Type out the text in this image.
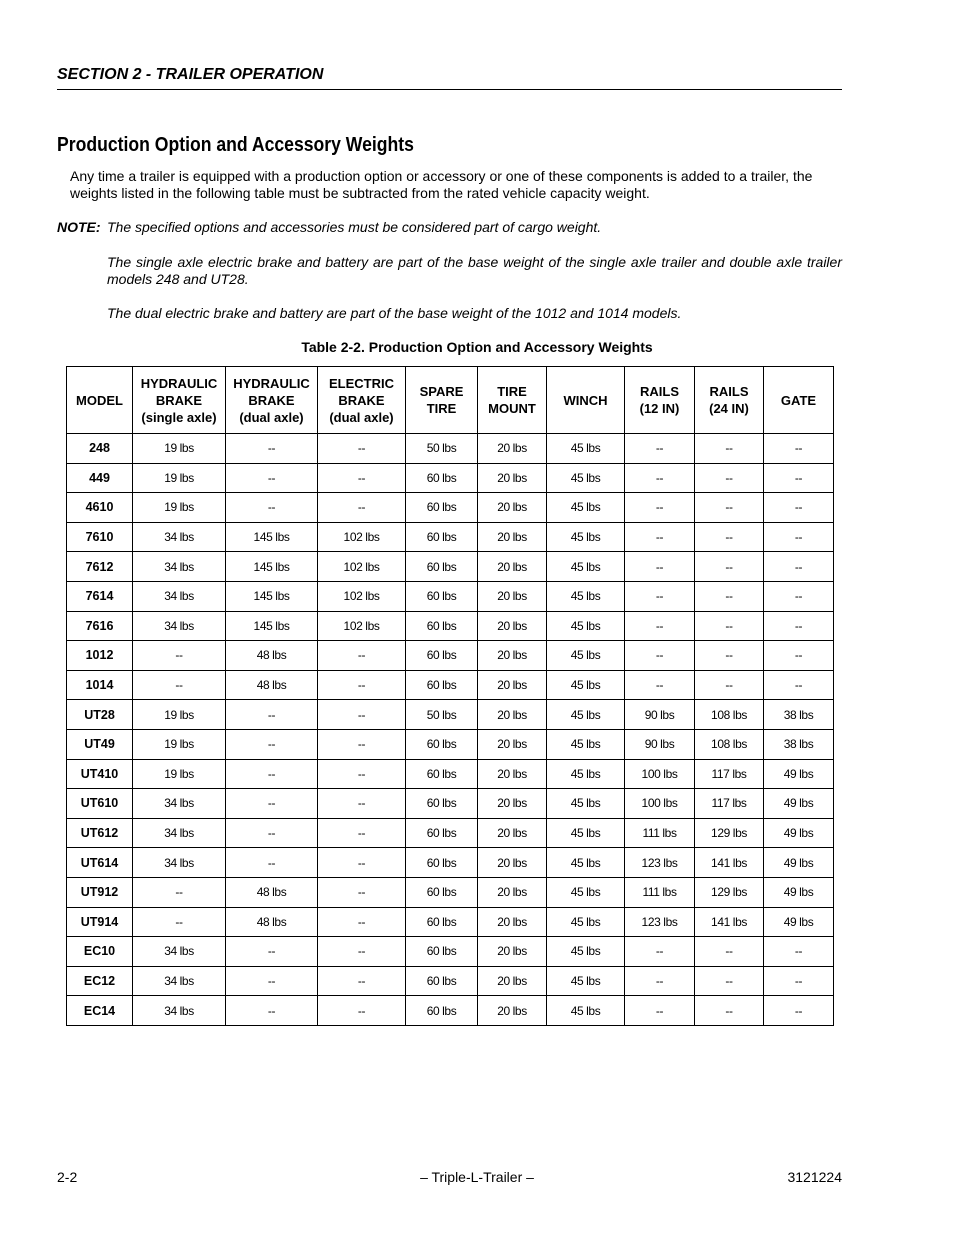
SECTION 2 - TRAILER OPERATION
Production Option and Accessory Weights

Any time a trailer is equipped with a production option or accessory or one of these components is added to a trailer, the weights listed in the following table must be subtracted from the rated vehicle capacity weight.

NOTE: The specified options and accessories must be considered part of cargo weight.
The single axle electric brake and battery are part of the base weight of the single axle trailer and double axle trailer models 248 and UT28.
The dual electric brake and battery are part of the base weight of the 1012 and 1014 models.

Table 2-2. Production Option and Accessory Weights

MODEL	HYDRAULIC
BRAKE
(single axle)	HYDRAULIC
BRAKE
(dual axle)	ELECTRIC
BRAKE
(dual axle)	SPARE
TIRE	TIRE
MOUNT	WINCH	RAILS
(12 IN)	RAILS
(24 IN)	GATE
248	19 lbs	--	--	50 lbs	20 lbs	45 lbs	--	--	--
449	19 lbs	--	--	60 lbs	20 lbs	45 lbs	--	--	--
4610	19 lbs	--	--	60 lbs	20 lbs	45 lbs	--	--	--
7610	34 lbs	145 lbs	102 lbs	60 lbs	20 lbs	45 lbs	--	--	--
7612	34 lbs	145 lbs	102 lbs	60 lbs	20 lbs	45 lbs	--	--	--
7614	34 lbs	145 lbs	102 lbs	60 lbs	20 lbs	45 lbs	--	--	--
7616	34 lbs	145 lbs	102 lbs	60 lbs	20 lbs	45 lbs	--	--	--
1012	--	48 lbs	--	60 lbs	20 lbs	45 lbs	--	--	--
1014	--	48 lbs	--	60 lbs	20 lbs	45 lbs	--	--	--
UT28	19 lbs	--	--	50 lbs	20 lbs	45 lbs	90 lbs	108 lbs	38 lbs
UT49	19 lbs	--	--	60 lbs	20 lbs	45 lbs	90 lbs	108 lbs	38 lbs
UT410	19 lbs	--	--	60 lbs	20 lbs	45 lbs	100 lbs	117 lbs	49 lbs
UT610	34 lbs	--	--	60 lbs	20 lbs	45 lbs	100 lbs	117 lbs	49 lbs
UT612	34 lbs	--	--	60 lbs	20 lbs	45 lbs	111 lbs	129 lbs	49 lbs
UT614	34 lbs	--	--	60 lbs	20 lbs	45 lbs	123 lbs	141 lbs	49 lbs
UT912	--	48 lbs	--	60 lbs	20 lbs	45 lbs	111 lbs	129 lbs	49 lbs
UT914	--	48 lbs	--	60 lbs	20 lbs	45 lbs	123 lbs	141 lbs	49 lbs
EC10	34 lbs	--	--	60 lbs	20 lbs	45 lbs	--	--	--
EC12	34 lbs	--	--	60 lbs	20 lbs	45 lbs	--	--	--
EC14	34 lbs	--	--	60 lbs	20 lbs	45 lbs	--	--	--
2-2	– Triple-L-Trailer –	3121224
